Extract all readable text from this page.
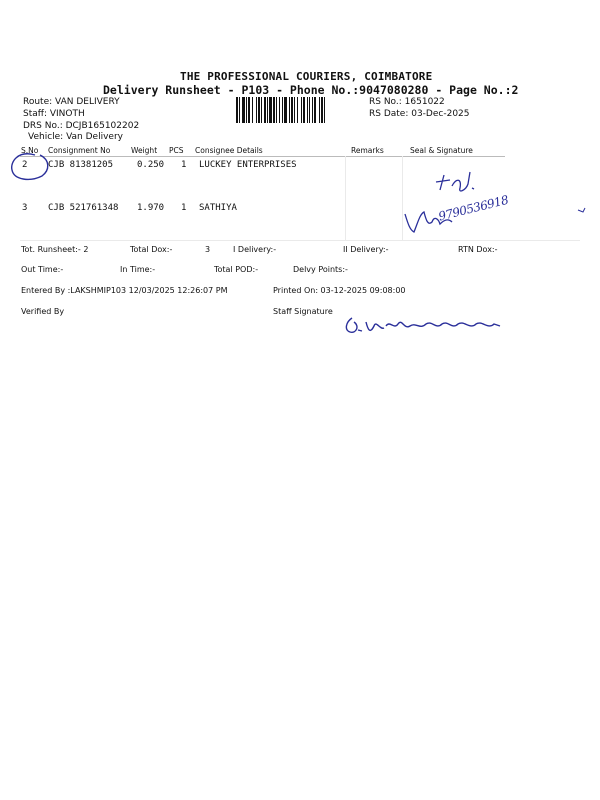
THE PROFESSIONAL COURIERS, COIMBATORE
Delivery Runsheet - P103 - Phone No.:9047080280 - Page No.:2
Route: VAN DELIVERY
Staff: VINOTH
DRS No.: DCJB165102202
Vehicle: Van Delivery
RS No.: 1651022
RS Date: 03-Dec-2025
S.No Consignment No	Weight PCS Consignee Details	Remarks	Seal & Signature
2 CJB 81381205	0.250 1 LUCKEY ENTERPRISES
3 CJB 521761348 1.970 1 SATHIYA	9790536918
Tot. Runsheet:- 2	Total Dox:-	3	I Delivery:-	II Delivery:-	RTN Dox:-
Out Time:-	In Time:-	Total POD:-	Delvy Points:-
Entered By :LAKSHMIP103 12/03/2025 12:26:07 PM	Printed On: 03-12-2025 09:08:00
Verified By	Staff Signature
